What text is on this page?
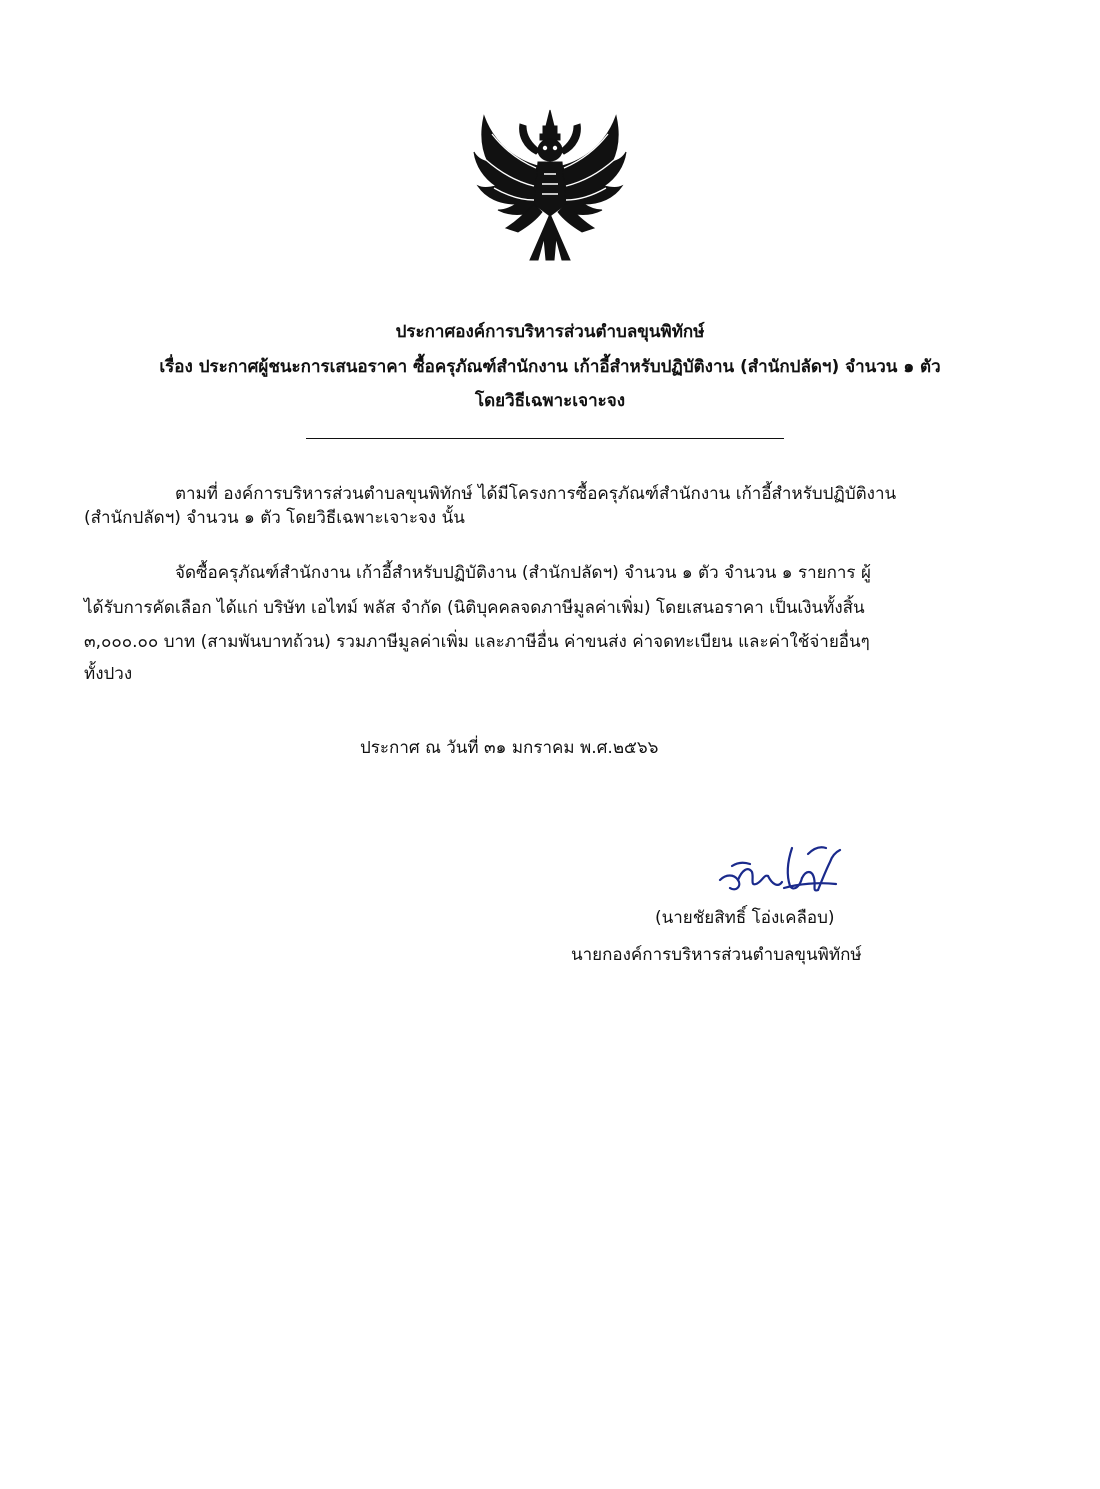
ประกาศองค์การบริหารส่วนตำบลขุนพิทักษ์
เรื่อง ประกาศผู้ชนะการเสนอราคา ซื้อครุภัณฑ์สำนักงาน เก้าอี้สำหรับปฏิบัติงาน (สำนักปลัดฯ) จำนวน ๑ ตัว
โดยวิธีเฉพาะเจาะจง
ตามที่ องค์การบริหารส่วนตำบลขุนพิทักษ์ ได้มีโครงการซื้อครุภัณฑ์สำนักงาน เก้าอี้สำหรับปฏิบัติงาน
(สำนักปลัดฯ) จำนวน ๑ ตัว โดยวิธีเฉพาะเจาะจง นั้น
จัดซื้อครุภัณฑ์สำนักงาน เก้าอี้สำหรับปฏิบัติงาน (สำนักปลัดฯ) จำนวน ๑ ตัว จำนวน ๑ รายการ ผู้
ได้รับการคัดเลือก ได้แก่ บริษัท เอไทม์ พลัส จำกัด (นิติบุคคลจดภาษีมูลค่าเพิ่ม) โดยเสนอราคา เป็นเงินทั้งสิ้น
๓,๐๐๐.๐๐ บาท (สามพันบาทถ้วน) รวมภาษีมูลค่าเพิ่ม และภาษีอื่น ค่าขนส่ง ค่าจดทะเบียน และค่าใช้จ่ายอื่นๆ
ทั้งปวง
ประกาศ ณ วันที่ ๓๑ มกราคม พ.ศ.๒๕๖๖
(นายชัยสิทธิ์ โอ่งเคลือบ)
นายกองค์การบริหารส่วนตำบลขุนพิทักษ์
